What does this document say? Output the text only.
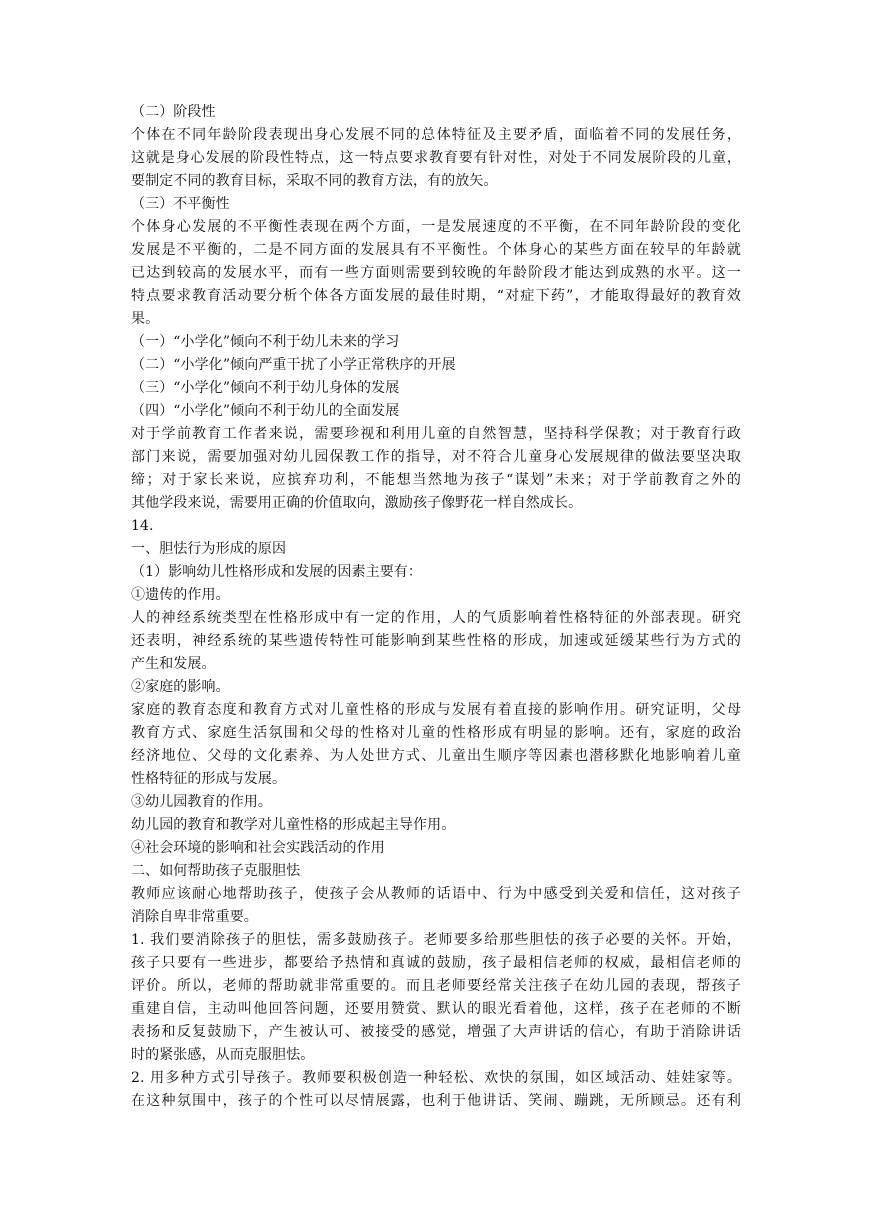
（二）阶段性
个体在不同年龄阶段表现出身心发展不同的总体特征及主要矛盾，面临着不同的发展任务，
这就是身心发展的阶段性特点，这一特点要求教育要有针对性，对处于不同发展阶段的儿童，
要制定不同的教育目标，采取不同的教育方法，有的放矢。
（三）不平衡性
个体身心发展的不平衡性表现在两个方面，一是发展速度的不平衡，在不同年龄阶段的变化
发展是不平衡的，二是不同方面的发展具有不平衡性。个体身心的某些方面在较早的年龄就
已达到较高的发展水平，而有一些方面则需要到较晚的年龄阶段才能达到成熟的水平。这一
特点要求教育活动要分析个体各方面发展的最佳时期，“对症下药”，才能取得最好的教育效
果。
（一）“小学化”倾向不利于幼儿未来的学习
（二）“小学化”倾向严重干扰了小学正常秩序的开展
（三）“小学化”倾向不利于幼儿身体的发展
（四）“小学化”倾向不利于幼儿的全面发展
对于学前教育工作者来说，需要珍视和利用儿童的自然智慧，坚持科学保教；对于教育行政
部门来说，需要加强对幼儿园保教工作的指导，对不符合儿童身心发展规律的做法要坚决取
缔；对于家长来说，应摈弃功利，不能想当然地为孩子“谋划”未来；对于学前教育之外的
其他学段来说，需要用正确的价值取向，激励孩子像野花一样自然成长。
14.
一、胆怯行为形成的原因
（1）影响幼儿性格形成和发展的因素主要有：
①遗传的作用。
人的神经系统类型在性格形成中有一定的作用，人的气质影响着性格特征的外部表现。研究
还表明，神经系统的某些遗传特性可能影响到某些性格的形成，加速或延缓某些行为方式的
产生和发展。
②家庭的影响。
家庭的教育态度和教育方式对儿童性格的形成与发展有着直接的影响作用。研究证明，父母
教育方式、家庭生活氛围和父母的性格对儿童的性格形成有明显的影响。还有，家庭的政治
经济地位、父母的文化素养、为人处世方式、儿童出生顺序等因素也潜移默化地影响着儿童
性格特征的形成与发展。
③幼儿园教育的作用。
幼儿园的教育和教学对儿童性格的形成起主导作用。
④社会环境的影响和社会实践活动的作用
二、如何帮助孩子克服胆怯
教师应该耐心地帮助孩子，使孩子会从教师的话语中、行为中感受到关爱和信任，这对孩子
消除自卑非常重要。
1. 我们要消除孩子的胆怯，需多鼓励孩子。老师要多给那些胆怯的孩子必要的关怀。开始，
孩子只要有一些进步，都要给予热情和真诚的鼓励，孩子最相信老师的权威，最相信老师的
评价。所以，老师的帮助就非常重要的。而且老师要经常关注孩子在幼儿园的表现，帮孩子
重建自信，主动叫他回答问题，还要用赞赏、默认的眼光看着他，这样，孩子在老师的不断
表扬和反复鼓励下，产生被认可、被接受的感觉，增强了大声讲话的信心，有助于消除讲话
时的紧张感，从而克服胆怯。
2. 用多种方式引导孩子。教师要积极创造一种轻松、欢快的氛围，如区域活动、娃娃家等。
在这种氛围中，孩子的个性可以尽情展露，也利于他讲话、笑闹、蹦跳，无所顾忌。还有利
